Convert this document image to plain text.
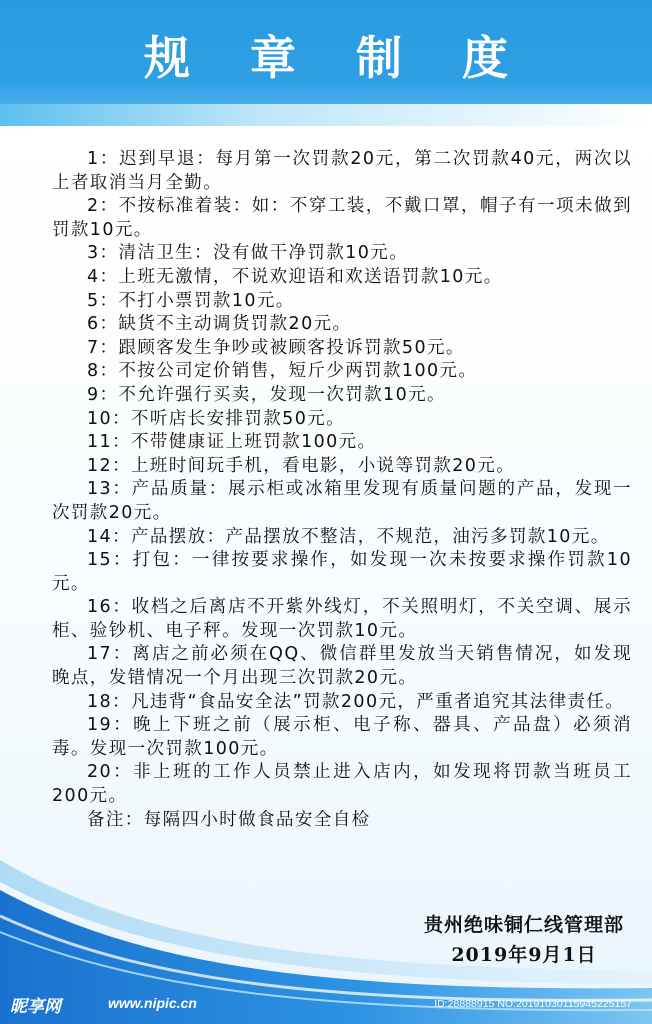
规 章 制 度

1：迟到早退：每月第一次罚款20元，第二次罚款40元，两次以上者取消当月全勤。

2：不按标准着装：如：不穿工装，不戴口罩，帽子有一项未做到罚款10元。

3：清洁卫生：没有做干净罚款10元。

4：上班无激情，不说欢迎语和欢送语罚款10元。

5：不打小票罚款10元。

6：缺货不主动调货罚款20元。

7：跟顾客发生争吵或被顾客投诉罚款50元。

8：不按公司定价销售，短斤少两罚款100元。

9：不允许强行买卖，发现一次罚款10元。

10：不听店长安排罚款50元。

11：不带健康证上班罚款100元。

12：上班时间玩手机，看电影，小说等罚款20元。

13：产品质量：展示柜或冰箱里发现有质量问题的产品，发现一次罚款20元。

14：产品摆放：产品摆放不整洁，不规范，油污多罚款10元。

15：打包：一律按要求操作，如发现一次未按要求操作罚款10元。

16：收档之后离店不开紫外线灯，不关照明灯，不关空调、展示柜、验钞机、电子秤。发现一次罚款10元。

17：离店之前必须在QQ、微信群里发放当天销售情况，如发现晚点，发错情况一个月出现三次罚款20元。

18：凡违背“食品安全法”罚款200元，严重者追究其法律责任。

19：晚上下班之前（展示柜、电子称、器具、产品盘）必须消毒。发现一次罚款100元。

20：非上班的工作人员禁止进入店内，如发现将罚款当班员工200元。

备注：每隔四小时做食品安全自检

贵州绝味铜仁线管理部
2019年9月1日
昵享网	www.nipic.cn	ID:28888915 NO:20191030115945225157
